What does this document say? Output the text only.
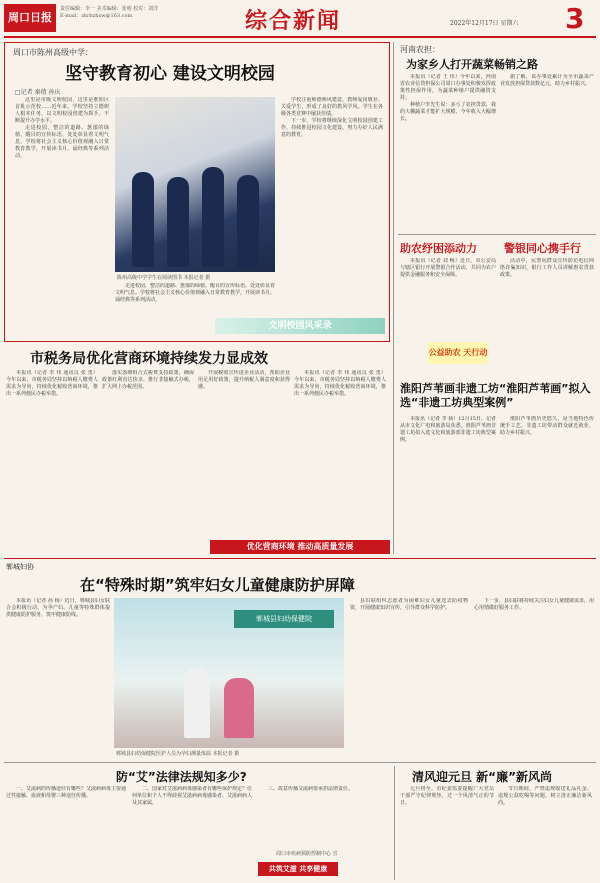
周口日报
责任编辑：李一 美术编辑：张明 校对：刘洋
E-mail：zkrbzhxw@163.com	综合新闻	2022年12月17日 星期六 3
周口市陈州高级中学：
坚守教育初心 建设文明校园
□记者 秦倩 孙庆

这里是市级文明校园，这里是淮阳区首批示范校……近年来，学校坚持立德树人根本任务，以文明校园创建为抓手，不断提升办学水平。

走进校园，整洁的道路、葱郁的绿植、醒目的宣传标语，处处彰显着文明气息。学校将社会主义核心价值观融入日常教育教学，开展读书月、诵经典等系列活动。

陈州高级中学学生在阅读图书 本报记者 摄

学校注重师德师风建设，教师爱岗敬业、关爱学生，形成了良好的教风学风。学生在各级各类竞赛中屡获佳绩。

下一步，学校将继续深化文明校园创建工作，持续推进校园文化建设，努力办好人民满意的教育。

走进校园，整洁的道路、葱郁的绿植、醒目的宣传标语，处处彰显着文明气息。学校将社会主义核心价值观融入日常教育教学，开展读书月、诵经典等系列活动。

文明校园风采录
河南农担：
为家乡人打开蔬菜畅销之路

本报讯（记者 王 伟）今年以来，河南省农业信贷担保公司周口办事处积极发挥政策性担保作用，为蔬菜种植户提供融资支持。

种植户李先生说：多亏了农担贷款，我的大棚蔬菜才能扩大规模，今年收入大幅增长。

据了解，该办事处累计为全市蔬菜产业发放担保贷款数亿元，助力乡村振兴。

助农纾困添动力 警银同心携手行

本报讯（记者 刘 畅）近日，市公安局与辖区银行开展警银合作活动，共同为农户提供金融服务和安全保障。

活动中，民警向群众宣传防范电信网络诈骗知识，银行工作人员讲解惠农贷款政策。

公益助农 天行动
市税务局优化营商环境持续发力显成效

本报讯（记者 李 伟 通讯员 张 勇）今年以来，市税务局坚持以纳税人缴费人需求为导向，持续优化税收营商环境，推出一系列便民办税举措。

落实落细组合式税费支持政策，确保政策红利直达快享。推行非接触式办税，扩大网上办税范围。

开展税收宣传进企业活动，帮助企业用足用好政策，提升纳税人满意度和获得感。

本报讯（记者 李 伟 通讯员 张 勇）今年以来，市税务局坚持以纳税人缴费人需求为导向，持续优化税收营商环境，推出一系列便民办税举措。

优化营商环境 推动高质量发展
淮阳芦苇画非遗工坊“淮阳芦苇画”拟入选“非遗工坊典型案例”

本报讯（记者 李 扬）12月15日，记者从市文化广电和旅游局获悉，淮阳芦苇画非遗工坊拟入选文化和旅游部非遗工坊典型案例。

淮阳芦苇画历史悠久，是当地特色传统手工艺。非遗工坊带动群众就近就业，助力乡村振兴。

郸城妇协
在“特殊时期”筑牢妇女儿童健康防护屏障

本报讯（记者 孙 杨）近日，郸城县妇女联合会积极行动，为孕产妇、儿童等特殊群体提供健康防护服务，筑牢健康防线。	郸城县妇幼保健院
郸城县妇幼保健院医护人员为孕妇测量体温 本报记者 摄

县妇联组织志愿者为困难妇女儿童送去防疫物资，开展健康知识宣传，引导群众科学防护。

下一步，县妇联将持续关注妇女儿童健康需求，用心用情做好服务工作。

防“艾”法律法规知多少?

一、艾滋病的传播途径有哪些？艾滋病病毒主要通过性接触、血液和母婴三种途径传播。

二、国家对艾滋病病毒感染者有哪些保护规定？任何单位和个人不得歧视艾滋病病毒感染者、艾滋病病人及其家属。

三、故意传播艾滋病要承担法律责任。

周口市疾病预防控制中心 宣
共筑艾滋 共享健康
清风迎元旦 新“廉”新风尚

元旦将至，市纪委监委提醒广大党员干部严守纪律规矩，过一个风清气正的节日。

节日期间，严禁违规收送礼品礼金、违规公款吃喝等问题，树立清正廉洁新风尚。
